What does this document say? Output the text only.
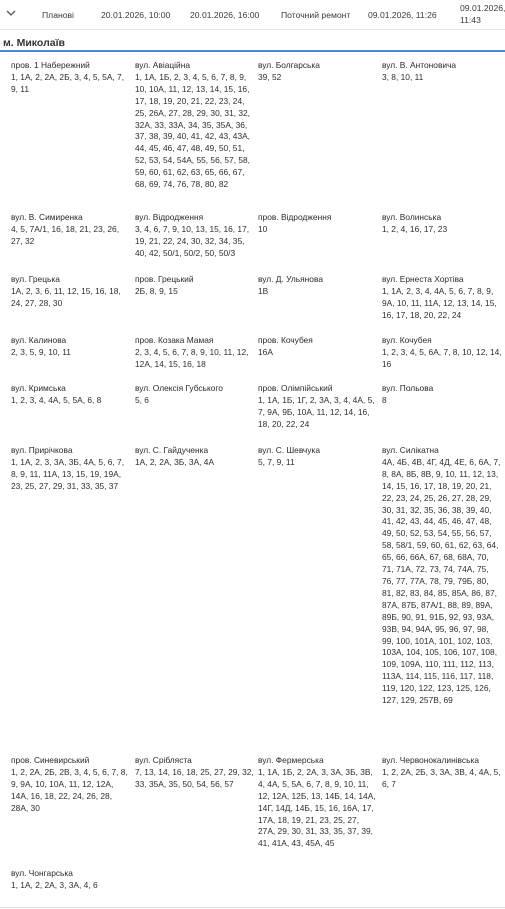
Планові	20.01.2026, 10:00 20.01.2026, 16:00	Поточний ремонт 09.01.2026, 11:26
09.01.2026,
11:43
м. Миколаїв
пров. 1 Набережний
1, 1А, 2, 2А, 2Б, 3, 4, 5, 5А, 7, 9, 11
вул. Авіаційна
1, 1А, 1Б, 2, 3, 4, 5, 6, 7, 8, 9, 10, 10А, 11, 12, 13, 14, 15, 16, 17, 18, 19, 20, 21, 22, 23, 24, 25, 26А, 27, 28, 29, 30, 31, 32, 32А, 33, 33А, 34, 35, 35А, 36, 37, 38, 39, 40, 41, 42, 43, 43А, 44, 45, 46, 47, 48, 49, 50, 51, 52, 53, 54, 54А, 55, 56, 57, 58, 59, 60, 61, 62, 63, 65, 66, 67, 68, 69, 74, 76, 78, 80, 82
вул. Болгарська
39, 52
вул. В. Антоновича
3, 8, 10, 11
вул. В. Симиренка
4, 5, 7А/1, 16, 18, 21, 23, 26, 27, 32
вул. Відродження
3, 4, 6, 7, 9, 10, 13, 15, 16, 17, 19, 21, 22, 24, 30, 32, 34, 35, 40, 42, 50/1, 50/2, 50, 50/3
пров. Відродження
10
вул. Волинська
1, 2, 4, 16, 17, 23
вул. Грецька
1А, 2, 3, 6, 11, 12, 15, 16, 18, 24, 27, 28, 30
пров. Грецький
2Б, 8, 9, 15
вул. Д. Ульянова
1В
вул. Ернеста Хортіва
1, 1А, 2, 3, 4, 4А, 5, 6, 7, 8, 9, 9А, 10, 11, 11А, 12, 13, 14, 15, 16, 17, 18, 20, 22, 24
вул. Калинова
2, 3, 5, 9, 10, 11
пров. Козака Мамая
2, 3, 4, 5, 6, 7, 8, 9, 10, 11, 12, 12А, 14, 15, 16, 18
пров. Кочубея
16А
вул. Кочубея
1, 2, 3, 4, 5, 6А, 7, 8, 10, 12, 14, 16
вул. Кримська
1, 2, 3, 4, 4А, 5, 5А, 6, 8
вул. Олексія Губського
5, 6
пров. Олімпійський
1, 1А, 1Б, 1Г, 2, 3А, 3, 4, 4А, 5, 7, 9А, 9Б, 10А, 11, 12, 14, 16, 18, 20, 22, 24
вул. Польова
8
вул. Прирічкова
1, 1А, 2, 3, 3А, 3Б, 4А, 5, 6, 7, 8, 9, 11, 11А, 13, 15, 19, 19А, 23, 25, 27, 29, 31, 33, 35, 37
вул. С. Гайдученка
1А, 2, 2А, 3Б, 3А, 4А
вул. С. Шевчука
5, 7, 9, 11
вул. Силікатна
4А, 4Б, 4В, 4Г, 4Д, 4Е, 6, 6А, 7, 8, 8А, 8Б, 8В, 9, 10, 11, 12, 13, 14, 15, 16, 17, 18, 19, 20, 21, 22, 23, 24, 25, 26, 27, 28, 29, 30, 31, 32, 35, 36, 38, 39, 40, 41, 42, 43, 44, 45, 46, 47, 48, 49, 50, 52, 53, 54, 55, 56, 57, 58, 58/1, 59, 60, 61, 62, 63, 64, 65, 66, 66А, 67, 68, 68А, 70, 71, 71А, 72, 73, 74, 74А, 75, 76, 77, 77А, 78, 79, 79Б, 80, 81, 82, 83, 84, 85, 85А, 86, 87, 87А, 87Б, 87А/1, 88, 89, 89А, 89Б, 90, 91, 91Б, 92, 93, 93А, 93В, 94, 94А, 95, 96, 97, 98, 99, 100, 101А, 101, 102, 103, 103А, 104, 105, 106, 107, 108, 109, 109А, 110, 111, 112, 113, 113А, 114, 115, 116, 117, 118, 119, 120, 122, 123, 125, 126, 127, 129, 257В, 69
пров. Синевирський
1, 2, 2А, 2Б, 2В, 3, 4, 5, 6, 7, 8, 9, 9А, 10, 10А, 11, 12, 12А, 14А, 16, 18, 22, 24, 26, 28, 28А, 30
вул. Срібляста
7, 13, 14, 16, 18, 25, 27, 29, 32, 33, 35А, 35, 50, 54, 56, 57
вул. Фермерська
1, 1А, 1Б, 2, 2А, 3, 3А, 3Б, 3В, 4, 4А, 5, 5А, 6, 7, 8, 9, 10, 11, 12, 12А, 12Б, 13, 14Б, 14, 14А, 14Г, 14Д, 14Б, 15, 16, 16А, 17, 17А, 18, 19, 21, 23, 25, 27, 27А, 29, 30, 31, 33, 35, 37, 39, 41, 41А, 43, 45А, 45
вул. Червонокалинівська
1, 2, 2А, 2Б, 3, 3А, 3В, 4, 4А, 5, 6, 7
вул. Чонгарська
1, 1А, 2, 2А, 3, 3А, 4, 6
